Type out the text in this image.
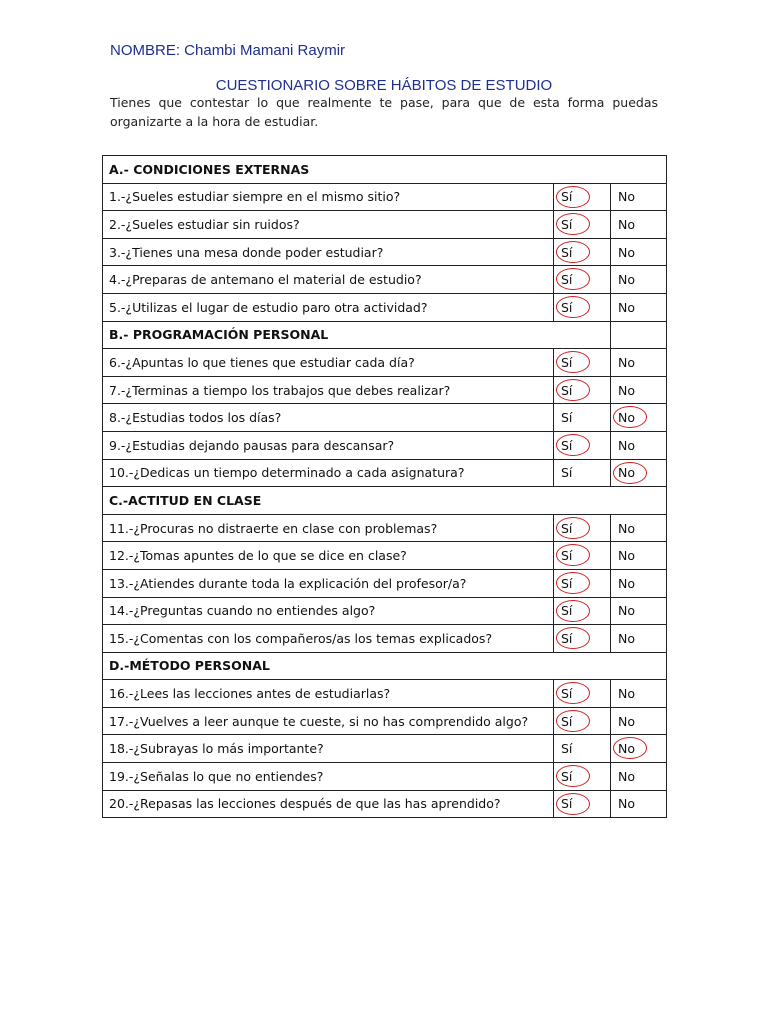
NOMBRE: Chambi Mamani Raymir
CUESTIONARIO SOBRE HÁBITOS DE ESTUDIO
Tienes que contestar lo que realmente te pase, para que de esta forma puedas organizarte a la hora de estudiar.
A.- CONDICIONES EXTERNAS		
1.-¿Sueles estudiar siempre en el mismo sitio?	Sí	No
2.-¿Sueles estudiar sin ruidos?	Sí	No
3.-¿Tienes una mesa donde poder estudiar?	Sí	No
4.-¿Preparas de antemano el material de estudio?	Sí	No
5.-¿Utilizas el lugar de estudio paro otra actividad?	Sí	No
B.- PROGRAMACIÓN PERSONAL		
6.-¿Apuntas lo que tienes que estudiar cada día?	Sí	No
7.-¿Terminas a tiempo los trabajos que debes realizar?	Sí	No
8.-¿Estudias todos los días?	Sí	No

9.-¿Estudias dejando pausas para descansar?	Sí	No
10.-¿Dedicas un tiempo determinado a cada asignatura?	Sí	No

C.-ACTITUD EN CLASE		
11.-¿Procuras no distraerte en clase con problemas?	Sí	No
12.-¿Tomas apuntes de lo que se dice en clase?	Sí	No
13.-¿Atiendes durante toda la explicación del profesor/a?	Sí	No
14.-¿Preguntas cuando no entiendes algo?	Sí	No
15.-¿Comentas con los compañeros/as los temas explicados?	Sí	No
D.-MÉTODO PERSONAL		
16.-¿Lees las lecciones antes de estudiarlas?	Sí	No
17.-¿Vuelves a leer aunque te cueste, si no has comprendido algo?	Sí	No
18.-¿Subrayas lo más importante?	Sí	No

19.-¿Señalas lo que no entiendes?	Sí	No
20.-¿Repasas las lecciones después de que las has aprendido?	Sí	No
